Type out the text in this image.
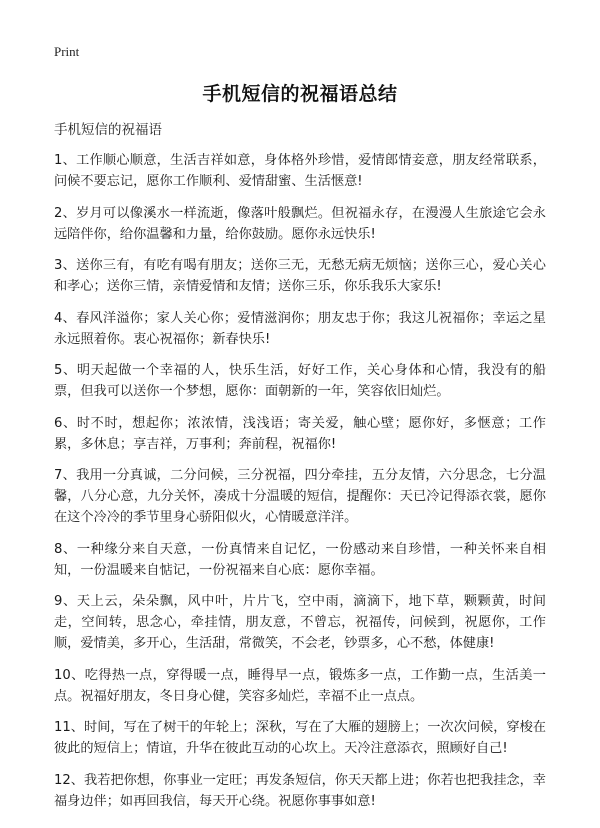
Print
手机短信的祝福语总结
手机短信的祝福语

1、工作顺心顺意，生活吉祥如意，身体格外珍惜，爱情郎情妾意，朋友经常联系，问候不要忘记，愿你工作顺利、爱情甜蜜、生活惬意!

2、岁月可以像溪水一样流逝，像落叶般飘烂。但祝福永存，在漫漫人生旅途它会永远陪伴你，给你温馨和力量，给你鼓励。愿你永远快乐!

3、送你三有，有吃有喝有朋友；送你三无，无愁无病无烦恼；送你三心，爱心关心和孝心；送你三情，亲情爱情和友情；送你三乐，你乐我乐大家乐!

4、春风洋溢你；家人关心你；爱情滋润你；朋友忠于你；我这儿祝福你；幸运之星永远照着你。衷心祝福你；新春快乐!

5、明天起做一个幸福的人，快乐生活，好好工作，关心身体和心情，我没有的船票，但我可以送你一个梦想，愿你：面朝新的一年，笑容依旧灿烂。

6、时不时，想起你；浓浓情，浅浅语；寄关爱，触心壁；愿你好，多惬意；工作累，多休息；享吉祥，万事利；奔前程，祝福你!

7、我用一分真诚，二分问候，三分祝福，四分牵挂，五分友情，六分思念，七分温馨，八分心意，九分关怀，凑成十分温暖的短信，提醒你：天已冷记得添衣裳，愿你在这个冷冷的季节里身心骄阳似火，心情暖意洋洋。

8、一种缘分来自天意，一份真情来自记忆，一份感动来自珍惜，一种关怀来自相知，一份温暖来自惦记，一份祝福来自心底：愿你幸福。

9、天上云，朵朵飘，风中叶，片片飞，空中雨，滴滴下，地下草，颗颗黄，时间走，空间转，思念心，牵挂情，朋友意，不曾忘，祝福传，问候到，祝愿你，工作顺，爱情美，多开心，生活甜，常微笑，不会老，钞票多，心不愁，体健康!

10、吃得热一点，穿得暖一点，睡得早一点，锻炼多一点，工作勤一点，生活美一点。祝福好朋友，冬日身心健，笑容多灿烂，幸福不止一点点。

11、时间，写在了树干的年轮上；深秋，写在了大雁的翅膀上；一次次问候，穿梭在彼此的短信上；情谊，升华在彼此互动的心坎上。天冷注意添衣，照顾好自己!

12、我若把你想，你事业一定旺；再发条短信，你天天都上进；你若也把我挂念，幸福身边伴；如再回我信，每天开心绕。祝愿你事事如意!
